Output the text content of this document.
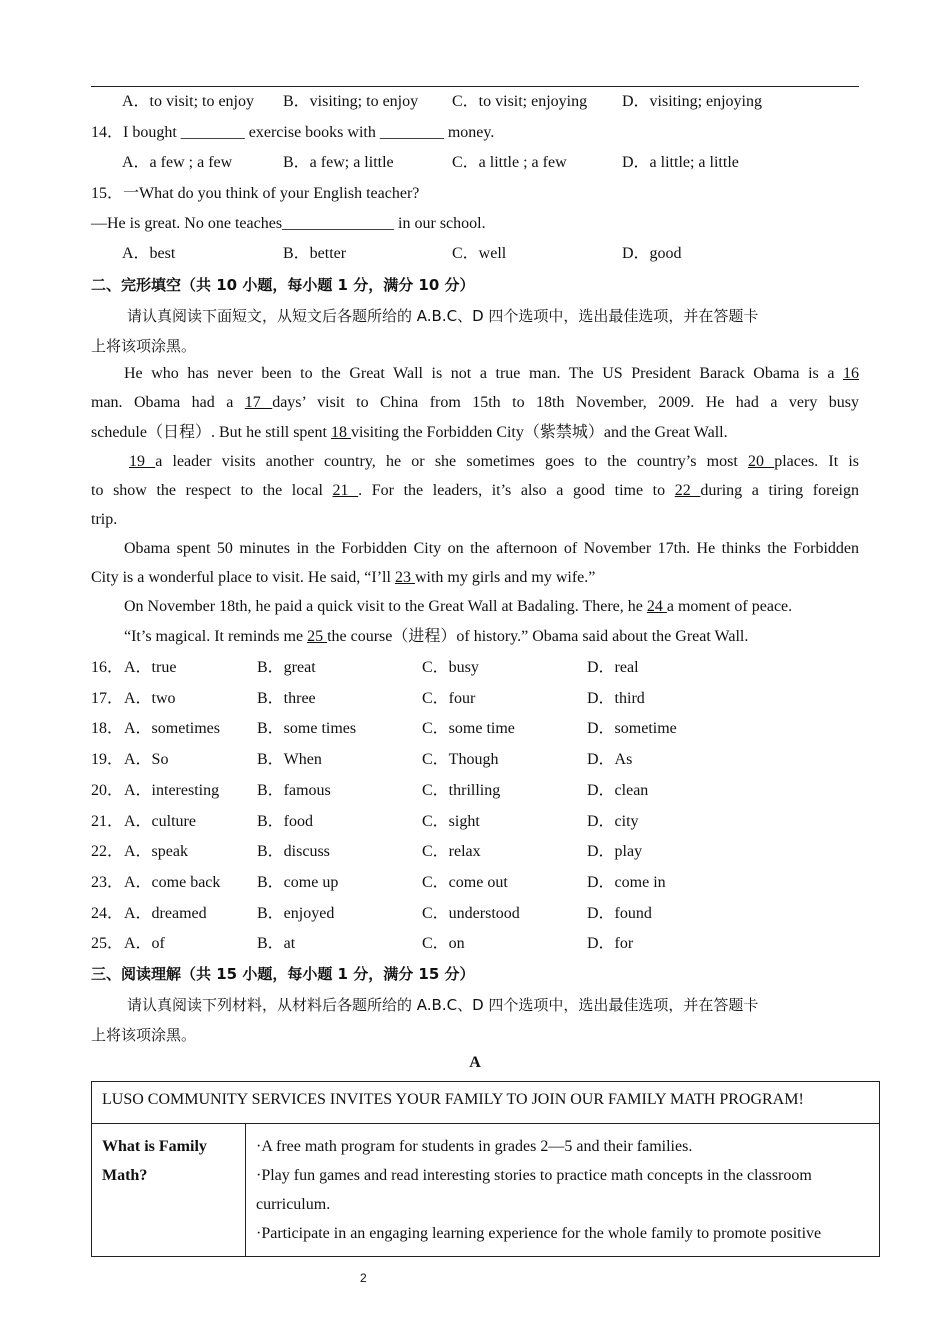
A．to visit; to enjoy B．visiting; to enjoy C．to visit; enjoying D．visiting; enjoying
14．I bought ________ exercise books with ________ money.
A．a few ; a few	B．a few; a little	C．a little ; a few	D．a little; a little
15．一What do you think of your English teacher?
—He is great. No one teaches______________ in our school.
A．best	B．better	C．well	D．good
二、完形填空（共 10 小题，每小题 1 分，满分 10 分）
请认真阅读下面短文，从短文后各题所给的 A.B.C、D 四个选项中，选出最佳选项，并在答题卡
上将该项涂黑。
He who has never been to the Great Wall is not a true man. The US President Barack Obama is a 16
man. Obama had a 17 days’ visit to China from 15th to 18th November, 2009. He had a very busy
schedule（日程）. But he still spent 18 visiting the Forbidden City（紫禁城）and the Great Wall.
19 a leader visits another country, he or she sometimes goes to the country’s most 20 places. It is
to show the respect to the local 21 . For the leaders, it’s also a good time to 22 during a tiring foreign
trip.
Obama spent 50 minutes in the Forbidden City on the afternoon of November 17th. He thinks the Forbidden
City is a wonderful place to visit. He said, “I’ll 23 with my girls and my wife.”
On November 18th, he paid a quick visit to the Great Wall at Badaling. There, he 24 a moment of peace.
“It’s magical. It reminds me 25 the course（进程）of history.” Obama said about the Great Wall.
16． A．true	B．great	C．busy	D．real
17． A．two	B．three	C．four	D．third
18． A．sometimes B．some times	C．some time	D．sometime
19． A．So	B．When	C．Though	D．As
20． A．interesting B．famous	C．thrilling	D．clean
21． A．culture	B．food	C．sight	D．city
22． A．speak	B．discuss	C．relax	D．play
23． A．come back B．come up	C．come out	D．come in
24． A．dreamed	B．enjoyed	C．understood	D．found
25． A．of	B．at	C．on	D．for
三、阅读理解（共 15 小题，每小题 1 分，满分 15 分）
请认真阅读下列材料，从材料后各题所给的 A.B.C、D 四个选项中，选出最佳选项，并在答题卡
上将该项涂黑。
A
LUSO COMMUNITY SERVICES INVITES YOUR FAMILY TO JOIN OUR FAMILY MATH PROGRAM!
What is Family Math?	
·A free math program for students in grades 2—5 and their families.
·Play fun games and read interesting stories to practice math concepts in the classroom curriculum.
·Participate in an engaging learning experience for the whole family to promote positive
2
